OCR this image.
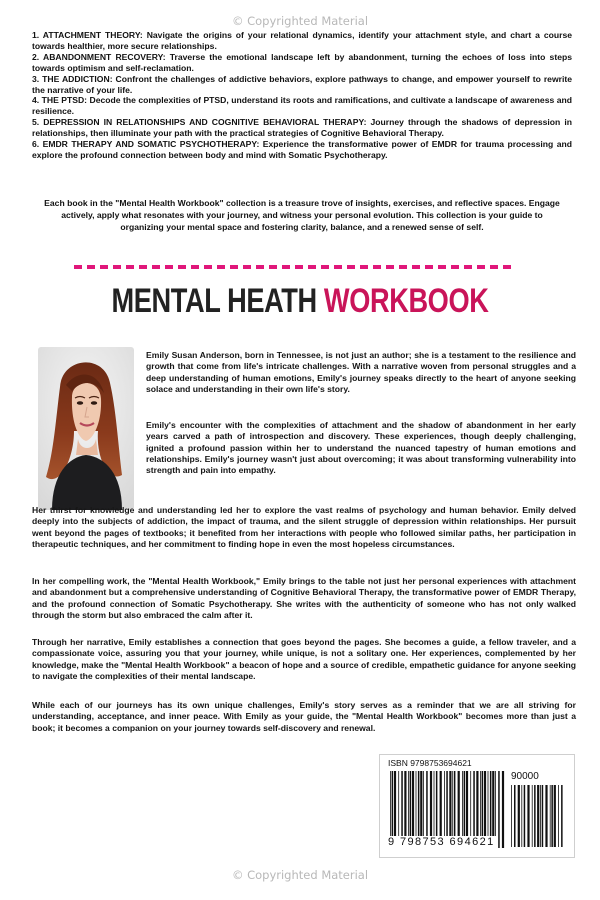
© Copyrighted Material
1. ATTACHMENT THEORY: Navigate the origins of your relational dynamics, identify your attachment style, and chart a course towards healthier, more secure relationships.
2. ABANDONMENT RECOVERY: Traverse the emotional landscape left by abandonment, turning the echoes of loss into steps towards optimism and self-reclamation.
3. THE ADDICTION: Confront the challenges of addictive behaviors, explore pathways to change, and empower yourself to rewrite the narrative of your life.
4. THE PTSD: Decode the complexities of PTSD, understand its roots and ramifications, and cultivate a landscape of awareness and resilience.
5. DEPRESSION IN RELATIONSHIPS AND COGNITIVE BEHAVIORAL THERAPY: Journey through the shadows of depression in relationships, then illuminate your path with the practical strategies of Cognitive Behavioral Therapy.
6. EMDR THERAPY AND SOMATIC PSYCHOTHERAPY: Experience the transformative power of EMDR for trauma processing and explore the profound connection between body and mind with Somatic Psychotherapy.

Each book in the "Mental Health Workbook" collection is a treasure trove of insights, exercises, and reflective spaces. Engage actively, apply what resonates with your journey, and witness your personal evolution. This collection is your guide to organizing your mental space and fostering clarity, balance, and a renewed sense of self.

MENTAL HEATH WORKBOOK

Emily Susan Anderson, born in Tennessee, is not just an author; she is a testament to the resilience and growth that come from life's intricate challenges. With a narrative woven from personal struggles and a deep understanding of human emotions, Emily's journey speaks directly to the heart of anyone seeking solace and understanding in their own life's story.

Emily's encounter with the complexities of attachment and the shadow of abandonment in her early years carved a path of introspection and discovery. These experiences, though deeply challenging, ignited a profound passion within her to understand the nuanced tapestry of human emotions and relationships. Emily's journey wasn't just about overcoming; it was about transforming vulnerability into strength and pain into empathy.

Her thirst for knowledge and understanding led her to explore the vast realms of psychology and human behavior. Emily delved deeply into the subjects of addiction, the impact of trauma, and the silent struggle of depression within relationships. Her pursuit went beyond the pages of textbooks; it benefited from her interactions with people who followed similar paths, her participation in therapeutic techniques, and her commitment to finding hope in even the most hopeless circumstances.

In her compelling work, the "Mental Health Workbook," Emily brings to the table not just her personal experiences with attachment and abandonment but a comprehensive understanding of Cognitive Behavioral Therapy, the transformative power of EMDR Therapy, and the profound connection of Somatic Psychotherapy. She writes with the authenticity of someone who has not only walked through the storm but also embraced the calm after it.

Through her narrative, Emily establishes a connection that goes beyond the pages. She becomes a guide, a fellow traveler, and a compassionate voice, assuring you that your journey, while unique, is not a solitary one. Her experiences, complemented by her knowledge, make the "Mental Health Workbook" a beacon of hope and a source of credible, empathetic guidance for anyone seeking to navigate the complexities of their mental landscape.

While each of our journeys has its own unique challenges, Emily's story serves as a reminder that we are all striving for understanding, acceptance, and inner peace. With Emily as your guide, the "Mental Health Workbook" becomes more than just a book; it becomes a companion on your journey towards self-discovery and renewal.

ISBN 9798753694621
90000
9 798753 694621
© Copyrighted Material
